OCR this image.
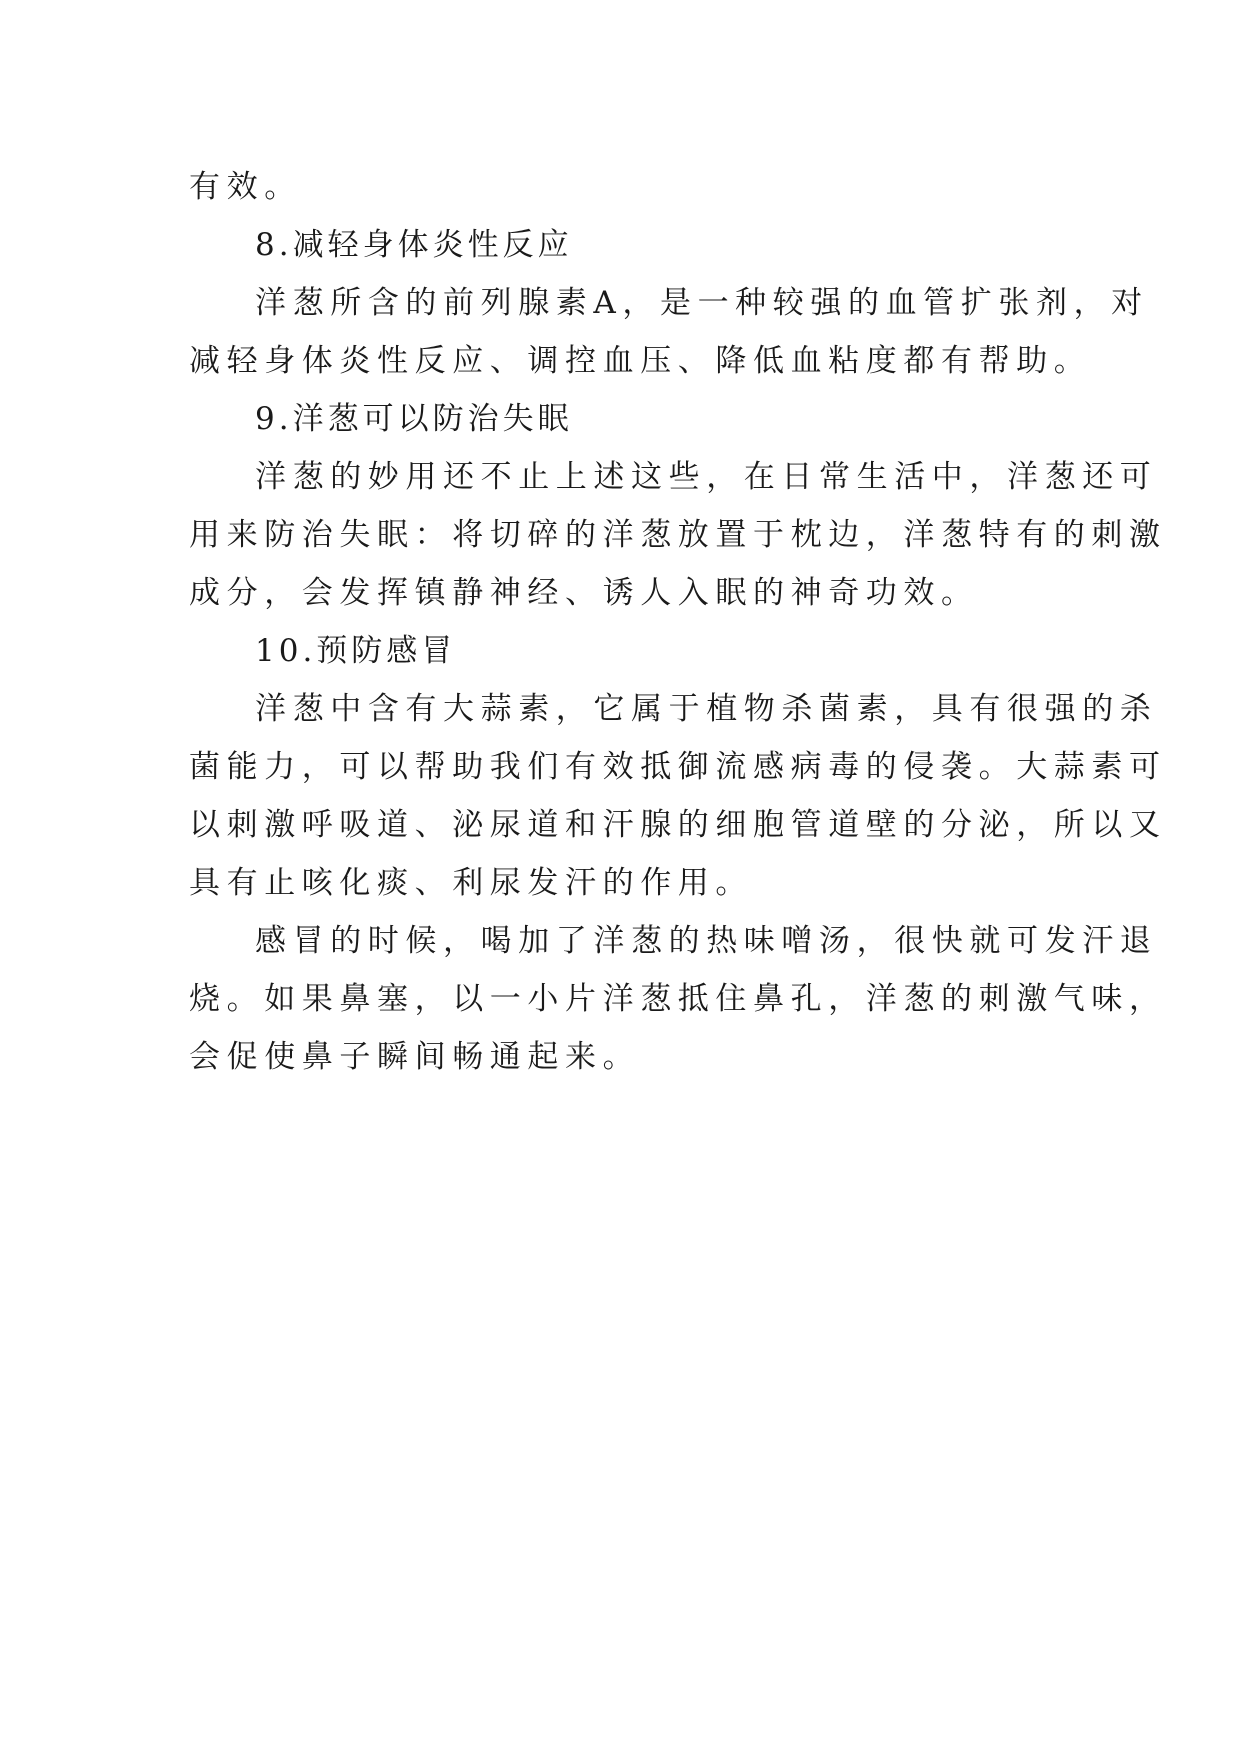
有效。
8.减轻身体炎性反应
洋葱所含的前列腺素A，是一种较强的血管扩张剂，对
减轻身体炎性反应、调控血压、降低血粘度都有帮助。
9.洋葱可以防治失眠
洋葱的妙用还不止上述这些，在日常生活中，洋葱还可
用来防治失眠：将切碎的洋葱放置于枕边，洋葱特有的刺激
成分，会发挥镇静神经、诱人入眠的神奇功效。
10.预防感冒
洋葱中含有大蒜素，它属于植物杀菌素，具有很强的杀
菌能力，可以帮助我们有效抵御流感病毒的侵袭。大蒜素可
以刺激呼吸道、泌尿道和汗腺的细胞管道壁的分泌，所以又
具有止咳化痰、利尿发汗的作用。
感冒的时候，喝加了洋葱的热味噌汤，很快就可发汗退
烧。如果鼻塞，以一小片洋葱抵住鼻孔，洋葱的刺激气味，
会促使鼻子瞬间畅通起来。
